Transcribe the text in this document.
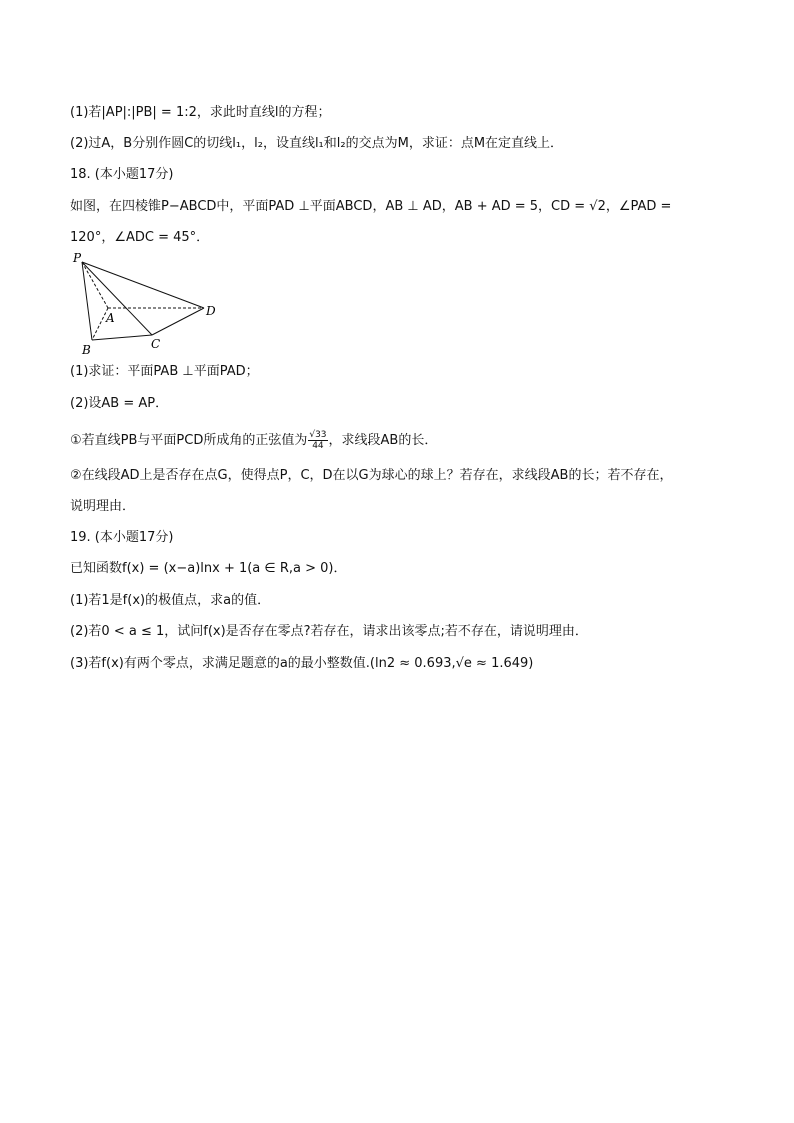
(1)若|AP|:|PB| = 1:2，求此时直线l的方程；
(2)过A，B分别作圆C的切线l₁，l₂，设直线l₁和l₂的交点为M，求证：点M在定直线上．
18. (本小题17分)
如图，在四棱锥P−ABCD中，平面PAD ⊥平面ABCD，AB ⊥ AD，AB + AD = 5，CD = √2，∠PAD =
120°，∠ADC = 45°．
P
A
B	C
D
(1)求证：平面PAB ⊥平面PAD；
(2)设AB = AP．
①若直线PB与平面PCD所成角的正弦值为 $\frac{√33}{44}$ ，求线段AB的长．
②在线段AD上是否存在点G，使得点P，C，D在以G为球心的球上？若存在，求线段AB的长；若不存在，
说明理由．
19. (本小题17分)
已知函数f(x) = (x−a)lnx + 1(a ∈ R,a > 0)．
(1)若1是f(x)的极值点，求a的值．
(2)若0 < a ≤ 1，试问f(x)是否存在零点?若存在，请求出该零点;若不存在，请说明理由．
(3)若f(x)有两个零点，求满足题意的a的最小整数值.(ln2 ≈ 0.693,√e ≈ 1.649)
